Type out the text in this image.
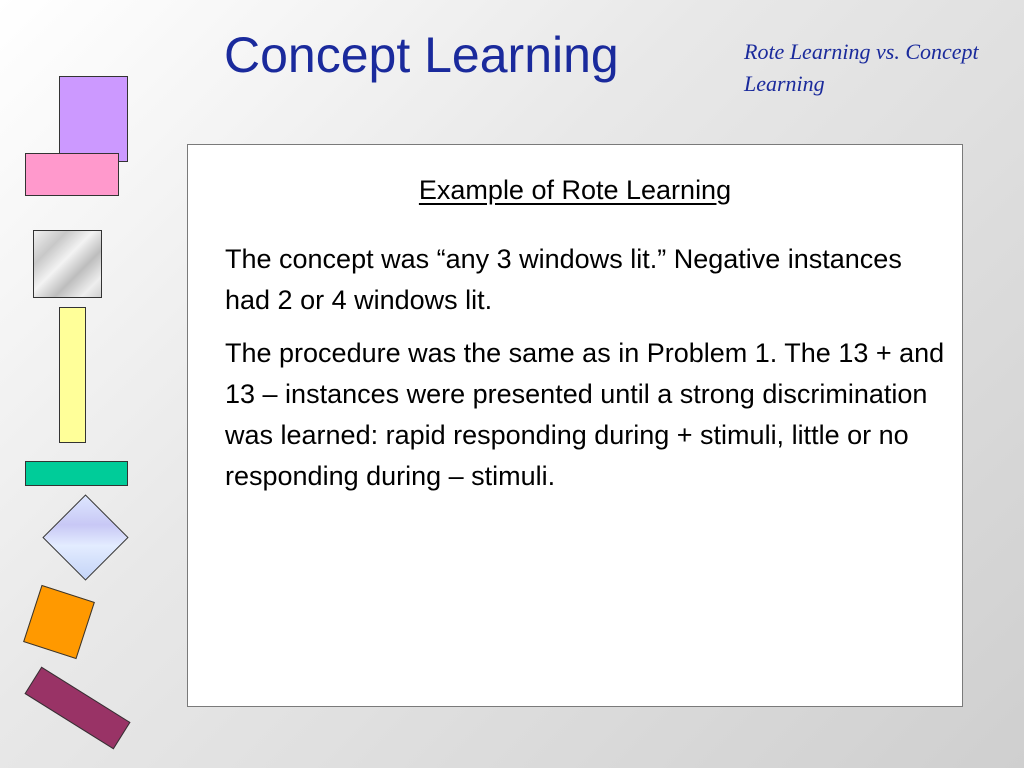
Concept Learning	Rote Learning vs. Concept Learning
Example of Rote Learning

The concept was “any 3 windows lit.” Negative instances had 2 or 4 windows lit.

The procedure was the same as in Problem 1. The 13 + and 13 – instances were presented until a strong discrimination was learned: rapid responding during + stimuli, little or no responding during – stimuli.
